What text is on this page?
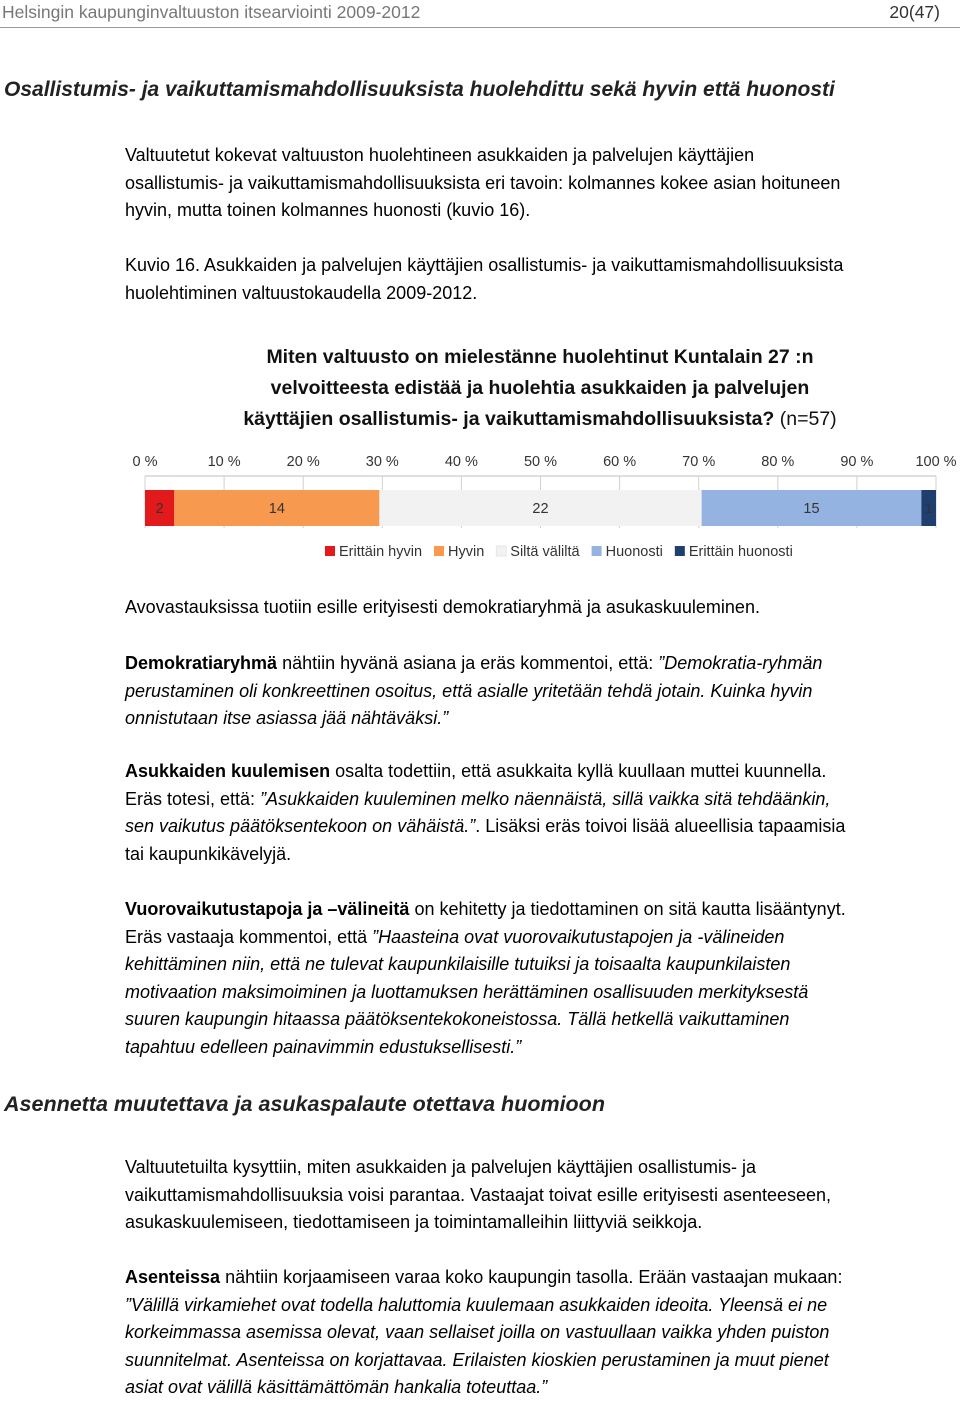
Helsingin kaupunginvaltuuston itsearviointi 2009-2012	20(47)
Osallistumis- ja vaikuttamismahdollisuuksista huolehdittu sekä hyvin että huonosti
Valtuutetut kokevat valtuuston huolehtineen asukkaiden ja palvelujen käyttäjien
osallistumis- ja vaikuttamismahdollisuuksista eri tavoin: kolmannes kokee asian hoituneen
hyvin, mutta toinen kolmannes huonosti (kuvio 16).
Kuvio 16. Asukkaiden ja palvelujen käyttäjien osallistumis- ja vaikuttamismahdollisuuksista
huolehtiminen valtuustokaudella 2009-2012.
Miten valtuusto on mielestänne huolehtinut Kuntalain 27 :n
velvoitteesta edistää ja huolehtia asukkaiden ja palvelujen
käyttäjien osallistumis- ja vaikuttamismahdollisuuksista? (n=57)
0 %	10 %	20 %	30 %	40 %	50 %	60 %	70 %	80 %	90 %	100 %
2	14	22	15	1
Erittäin hyvin Hyvin Siltä väliltä Huonosti Erittäin huonosti
Avovastauksissa tuotiin esille erityisesti demokratiaryhmä ja asukaskuuleminen.
Demokratiaryhmä nähtiin hyvänä asiana ja eräs kommentoi, että: ”Demokratia-ryhmän
perustaminen oli konkreettinen osoitus, että asialle yritetään tehdä jotain. Kuinka hyvin
onnistutaan itse asiassa jää nähtäväksi.”
Asukkaiden kuulemisen osalta todettiin, että asukkaita kyllä kuullaan muttei kuunnella.
Eräs totesi, että: ”Asukkaiden kuuleminen melko näennäistä, sillä vaikka sitä tehdäänkin,
sen vaikutus päätöksentekoon on vähäistä.”. Lisäksi eräs toivoi lisää alueellisia tapaamisia
tai kaupunkikävelyjä.
Vuorovaikutustapoja ja –välineitä on kehitetty ja tiedottaminen on sitä kautta lisääntynyt.
Eräs vastaaja kommentoi, että ”Haasteina ovat vuorovaikutustapojen ja -välineiden
kehittäminen niin, että ne tulevat kaupunkilaisille tutuiksi ja toisaalta kaupunkilaisten
motivaation maksimoiminen ja luottamuksen herättäminen osallisuuden merkityksestä
suuren kaupungin hitaassa päätöksentekokoneistossa. Tällä hetkellä vaikuttaminen
tapahtuu edelleen painavimmin edustuksellisesti.”
Asennetta muutettava ja asukaspalaute otettava huomioon
Valtuutetuilta kysyttiin, miten asukkaiden ja palvelujen käyttäjien osallistumis- ja
vaikuttamismahdollisuuksia voisi parantaa. Vastaajat toivat esille erityisesti asenteeseen,
asukaskuulemiseen, tiedottamiseen ja toimintamalleihin liittyviä seikkoja.
Asenteissa nähtiin korjaamiseen varaa koko kaupungin tasolla. Erään vastaajan mukaan:
”Välillä virkamiehet ovat todella haluttomia kuulemaan asukkaiden ideoita. Yleensä ei ne
korkeimmassa asemissa olevat, vaan sellaiset joilla on vastuullaan vaikka yhden puiston
suunnitelmat. Asenteissa on korjattavaa. Erilaisten kioskien perustaminen ja muut pienet
asiat ovat välillä käsittämättömän hankalia toteuttaa.”
